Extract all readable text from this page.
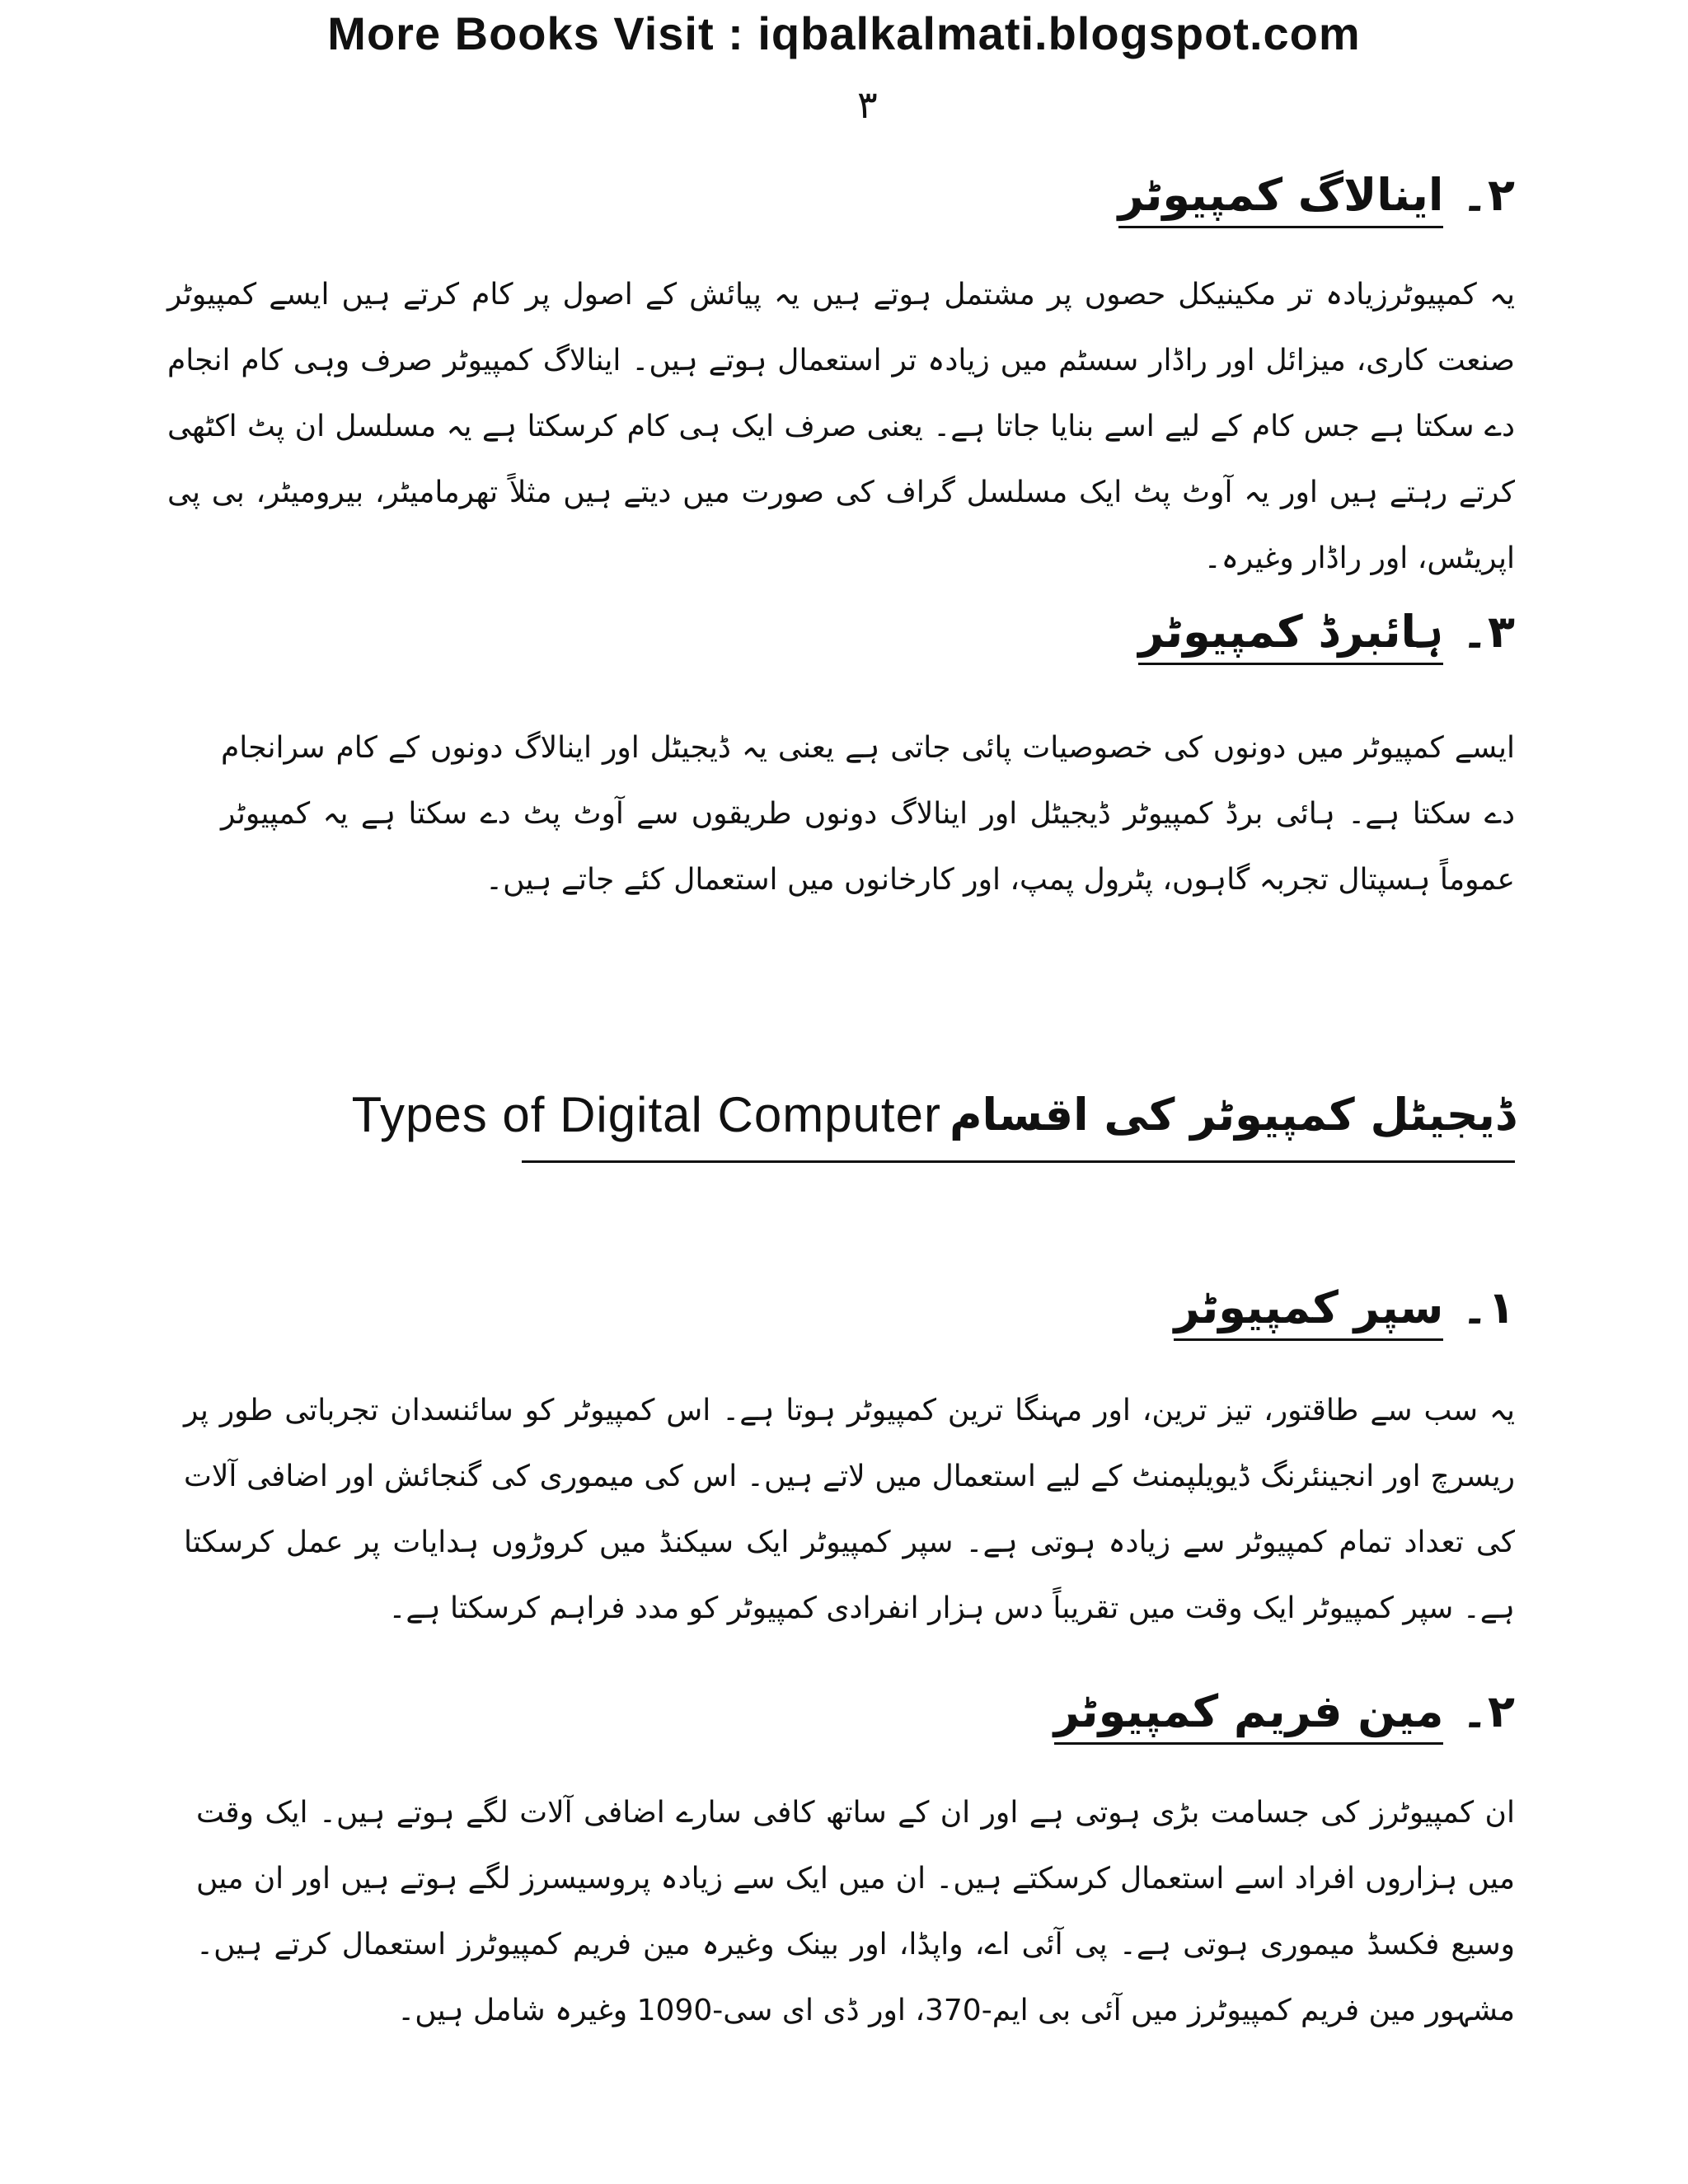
More Books Visit : iqbalkalmati.blogspot.com
۳
۲۔اینالاگ کمپیوٹر
یہ کمپیوٹرزیادہ تر مکینیکل حصوں پر مشتمل ہوتے ہیں یہ پیائش کے اصول پر کام کرتے ہیں ایسے کمپیوٹر صنعت کاری، میزائل اور راڈار سسٹم میں زیادہ تر استعمال ہوتے ہیں۔ اینالاگ کمپیوٹر صرف وہی کام انجام دے سکتا ہے جس کام کے لیے اسے بنایا جاتا ہے۔ یعنی صرف ایک ہی کام کرسکتا ہے یہ مسلسل ان پٹ اکٹھی کرتے رہتے ہیں اور یہ آوٹ پٹ ایک مسلسل گراف کی صورت میں دیتے ہیں مثلاً تھرمامیٹر، بیرومیٹر، بی پی اپریٹس، اور راڈار وغیرہ۔
۳۔ہائبرڈ کمپیوٹر
ایسے کمپیوٹر میں دونوں کی خصوصیات پائی جاتی ہے یعنی یہ ڈیجیٹل اور اینالاگ دونوں کے کام سرانجام دے سکتا ہے۔ ہائی برڈ کمپیوٹر ڈیجیٹل اور اینالاگ دونوں طریقوں سے آوٹ پٹ دے سکتا ہے یہ کمپیوٹر عموماً ہسپتال تجربہ گاہوں، پٹرول پمپ، اور کارخانوں میں استعمال کئے جاتے ہیں۔
ڈیجیٹل کمپیوٹر کی اقسامTypes of Digital Computer
۱۔سپر کمپیوٹر
یہ سب سے طاقتور، تیز ترین، اور مہنگا ترین کمپیوٹر ہوتا ہے۔ اس کمپیوٹر کو سائنسدان تجرباتی طور پر ریسرچ اور انجینئرنگ ڈیویلپمنٹ کے لیے استعمال میں لاتے ہیں۔ اس کی میموری کی گنجائش اور اضافی آلات کی تعداد تمام کمپیوٹر سے زیادہ ہوتی ہے۔ سپر کمپیوٹر ایک سیکنڈ میں کروڑوں ہدایات پر عمل کرسکتا ہے۔ سپر کمپیوٹر ایک وقت میں تقریباً دس ہزار انفرادی کمپیوٹر کو مدد فراہم کرسکتا ہے۔
۲۔مین فریم کمپیوٹر
ان کمپیوٹرز کی جسامت بڑی ہوتی ہے اور ان کے ساتھ کافی سارے اضافی آلات لگے ہوتے ہیں۔ ایک وقت میں ہزاروں افراد اسے استعمال کرسکتے ہیں۔ ان میں ایک سے زیادہ پروسیسرز لگے ہوتے ہیں اور ان میں وسیع فکسڈ میموری ہوتی ہے۔ پی آئی اے، واپڈا، اور بینک وغیرہ مین فریم کمپیوٹرز استعمال کرتے ہیں۔ مشہور مین فریم کمپیوٹرز میں آئی بی ایم-370، اور ڈی ای سی-1090 وغیرہ شامل ہیں۔
